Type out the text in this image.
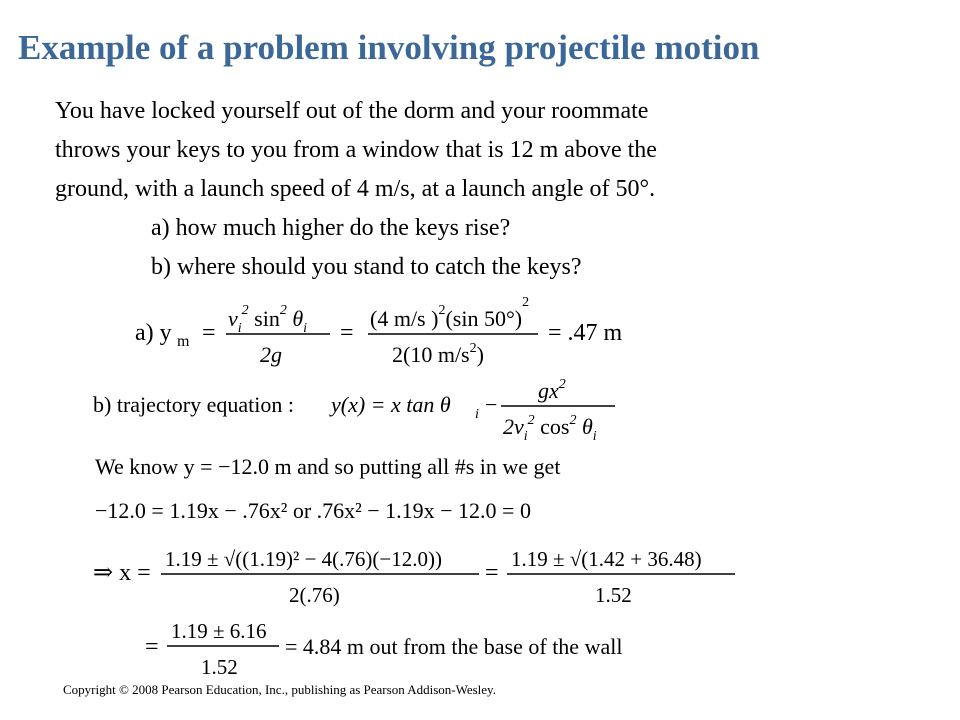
Example of a problem involving projectile motion
You have locked yourself out of the dorm and your roommate
throws your keys to you from a window that is 12 m above the
ground, with a launch speed of 4 m/s, at a launch angle of 50°.
a) how much higher do the keys rise?
b) where should you stand to catch the keys?
a) y m =
$v_i^2$ $\sin^2 \theta_i$
2g
=
(4 m/s )$^2$(sin 50°)$^2$
2(10 $m/s^2$)
= .47 m
b) trajectory equation : y(x) = x tan θ i −
$gx^2$
$2v_i^2$ $\cos^2 \theta_i$
We know y = −12.0 m and so putting all #s in we get
−12.0 = 1.19x − .76x² or .76x² − 1.19x − 12.0 = 0
⇒ x =
1.19 ± √((1.19)² − 4(.76)(−12.0))
2(.76)
=
1.19 ± √(1.42 + 36.48)
1.52
=
1.19 ± 6.16
1.52
= 4.84 m out from the base of the wall
Copyright © 2008 Pearson Education, Inc., publishing as Pearson Addison-Wesley.
